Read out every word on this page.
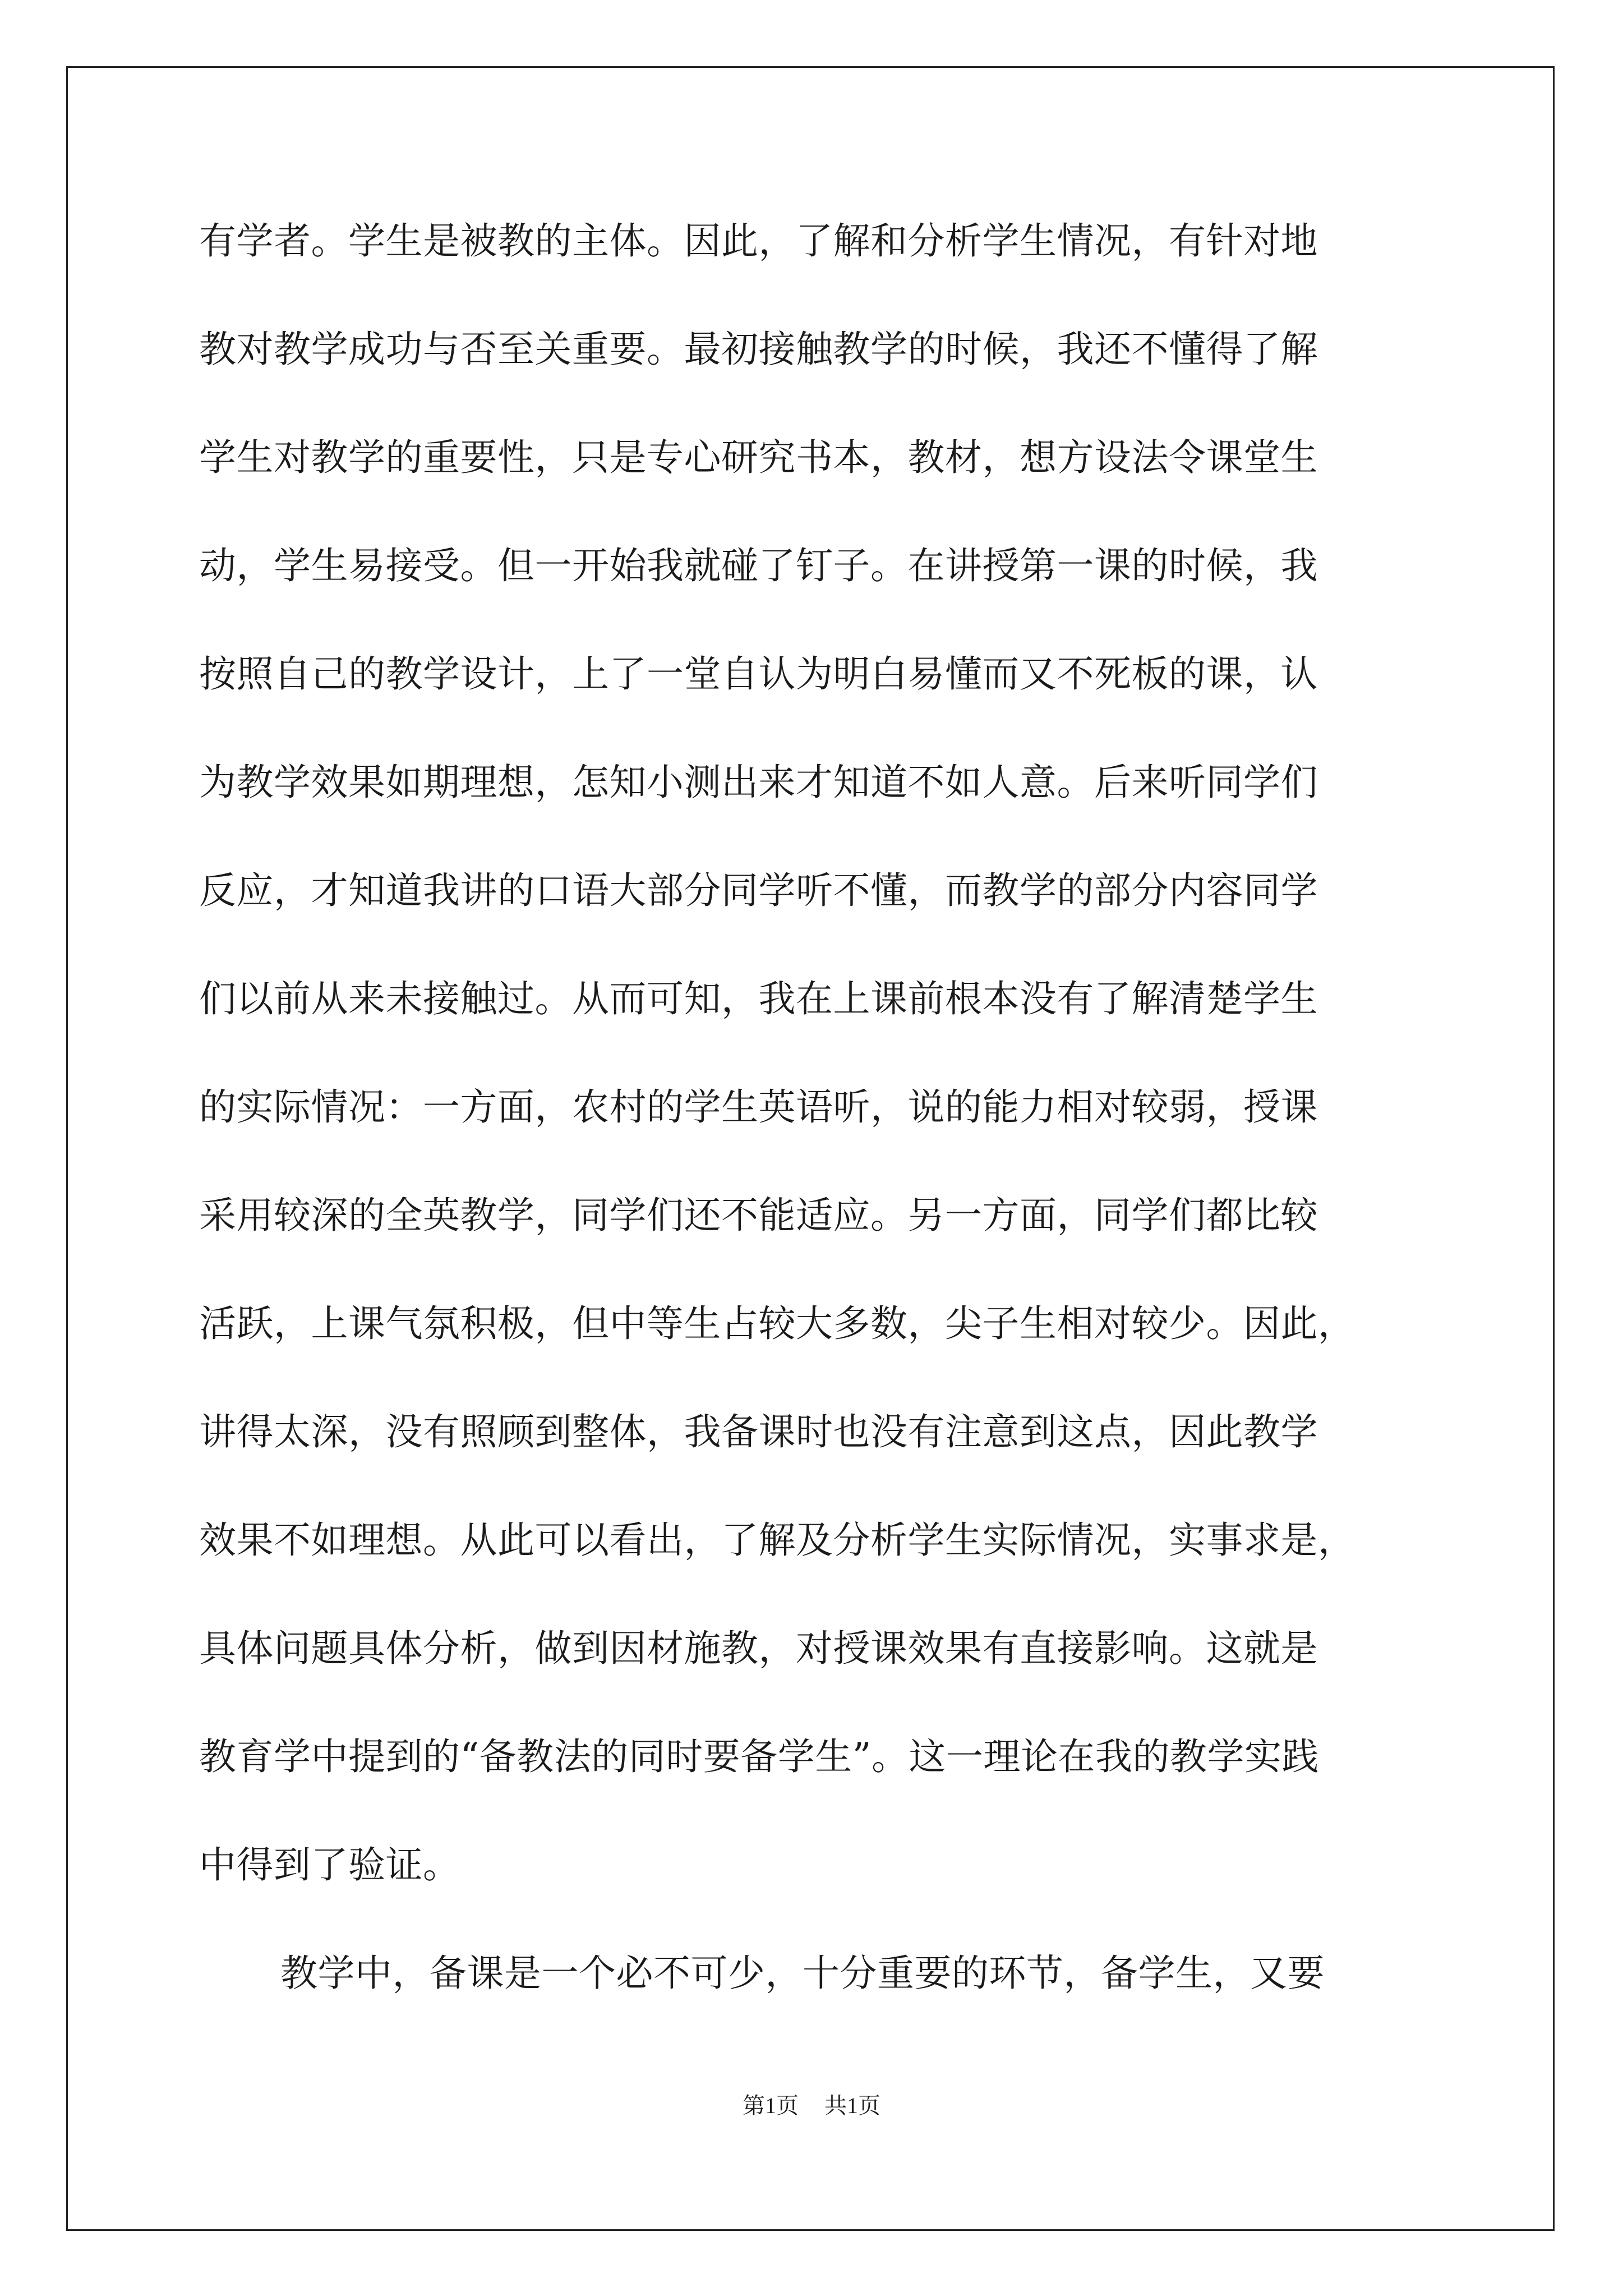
有学者。学生是被教的主体。因此，了解和分析学生情况，有针对地
教对教学成功与否至关重要。最初接触教学的时候，我还不懂得了解
学生对教学的重要性，只是专心研究书本，教材，想方设法令课堂生
动，学生易接受。但一开始我就碰了钉子。在讲授第一课的时候，我
按照自己的教学设计，上了一堂自认为明白易懂而又不死板的课，认
为教学效果如期理想，怎知小测出来才知道不如人意。后来听同学们
反应，才知道我讲的口语大部分同学听不懂，而教学的部分内容同学
们以前从来未接触过。从而可知，我在上课前根本没有了解清楚学生
的实际情况：一方面，农村的学生英语听，说的能力相对较弱，授课
采用较深的全英教学，同学们还不能适应。另一方面，同学们都比较
活跃，上课气氛积极，但中等生占较大多数，尖子生相对较少。因此，
讲得太深，没有照顾到整体，我备课时也没有注意到这点，因此教学
效果不如理想。从此可以看出，了解及分析学生实际情况，实事求是，
具体问题具体分析，做到因材施教，对授课效果有直接影响。这就是
教育学中提到的“备教法的同时要备学生”。这一理论在我的教学实践
中得到了验证。
教学中，备课是一个必不可少，十分重要的环节，备学生，又要
第1页 共1页
